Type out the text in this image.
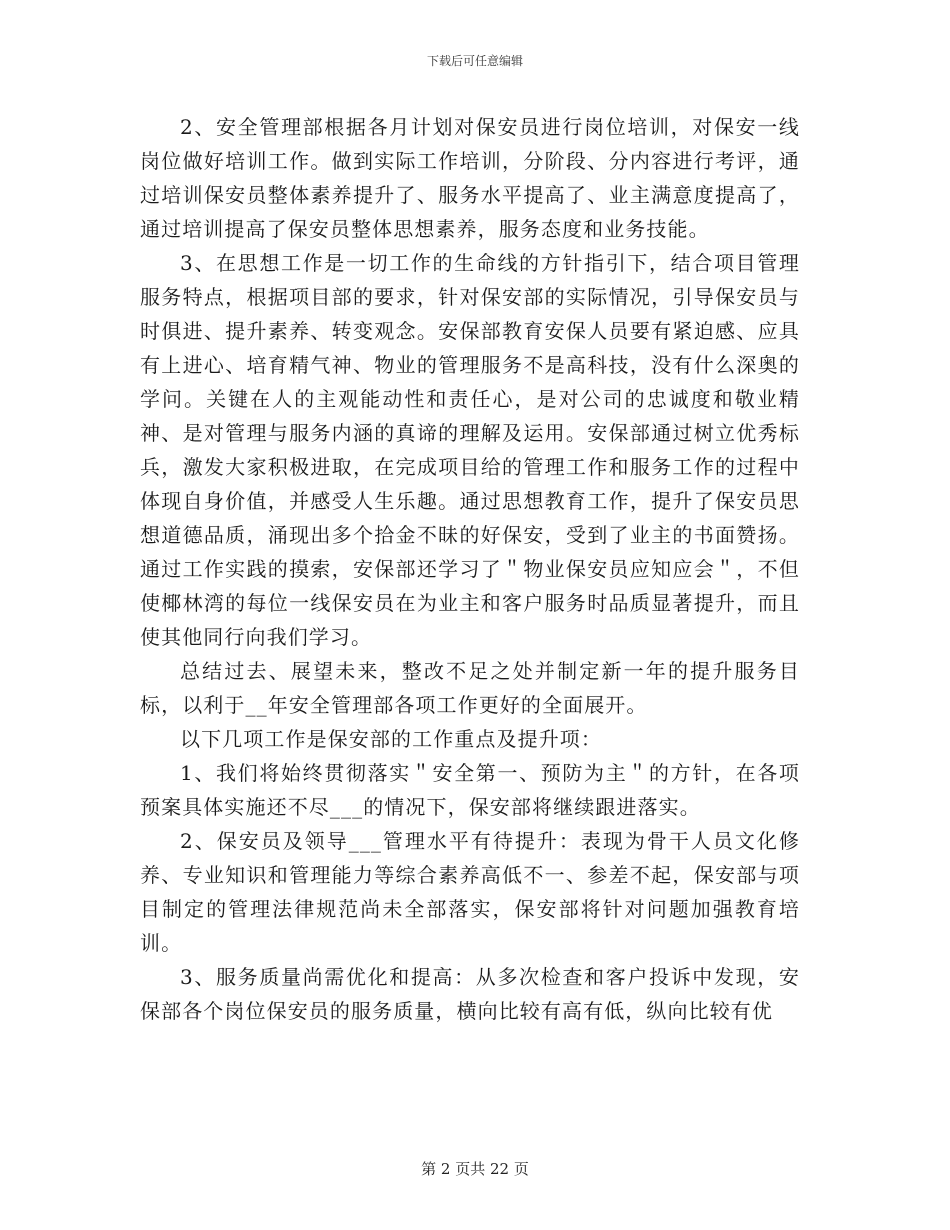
下载后可任意编辑

2、安全管理部根据各月计划对保安员进行岗位培训，对保安一线岗位做好培训工作。做到实际工作培训，分阶段、分内容进行考评，通过培训保安员整体素养提升了、服务水平提高了、业主满意度提高了，通过培训提高了保安员整体思想素养，服务态度和业务技能。

3、在思想工作是一切工作的生命线的方针指引下，结合项目管理服务特点，根据项目部的要求，针对保安部的实际情况，引导保安员与时俱进、提升素养、转变观念。安保部教育安保人员要有紧迫感、应具有上进心、培育精气神、物业的管理服务不是高科技，没有什么深奥的学问。关键在人的主观能动性和责任心，是对公司的忠诚度和敬业精神、是对管理与服务内涵的真谛的理解及运用。安保部通过树立优秀标兵，激发大家积极进取，在完成项目给的管理工作和服务工作的过程中体现自身价值，并感受人生乐趣。通过思想教育工作，提升了保安员思想道德品质，涌现出多个拾金不昧的好保安，受到了业主的书面赞扬。通过工作实践的摸索，安保部还学习了＂物业保安员应知应会＂，不但使椰林湾的每位一线保安员在为业主和客户服务时品质显著提升，而且使其他同行向我们学习。

总结过去、展望未来，整改不足之处并制定新一年的提升服务目标，以利于__年安全管理部各项工作更好的全面展开。

以下几项工作是保安部的工作重点及提升项：

1、我们将始终贯彻落实＂安全第一、预防为主＂的方针，在各项预案具体实施还不尽___的情况下，保安部将继续跟进落实。

2、保安员及领导___管理水平有待提升：表现为骨干人员文化修养、专业知识和管理能力等综合素养高低不一、参差不起，保安部与项目制定的管理法律规范尚未全部落实，保安部将针对问题加强教育培训。

3、服务质量尚需优化和提高：从多次检查和客户投诉中发现，安保部各个岗位保安员的服务质量，横向比较有高有低，纵向比较有优

第 2 页共 22 页
